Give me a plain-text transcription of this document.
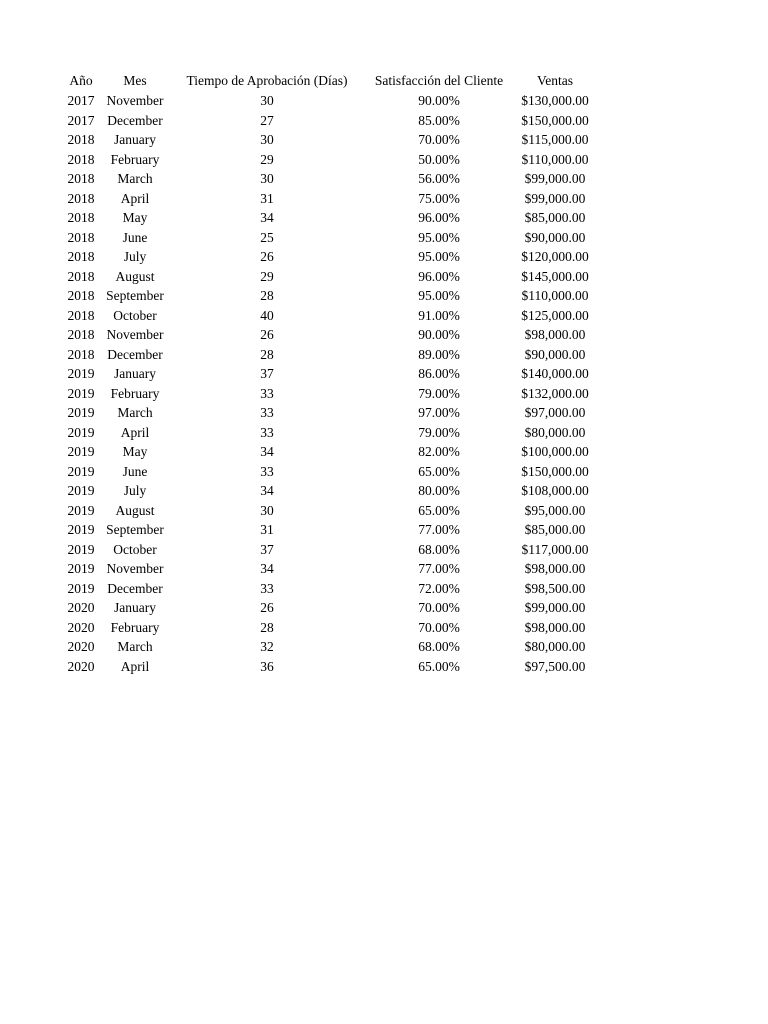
Año	Mes	Tiempo de Aprobación (Días)	Satisfacción del Cliente	Ventas
2017	November	30	90.00%	$130,000.00
2017	December	27	85.00%	$150,000.00
2018	January	30	70.00%	$115,000.00
2018	February	29	50.00%	$110,000.00
2018	March	30	56.00%	$99,000.00
2018	April	31	75.00%	$99,000.00
2018	May	34	96.00%	$85,000.00
2018	June	25	95.00%	$90,000.00
2018	July	26	95.00%	$120,000.00
2018	August	29	96.00%	$145,000.00
2018	September	28	95.00%	$110,000.00
2018	October	40	91.00%	$125,000.00
2018	November	26	90.00%	$98,000.00
2018	December	28	89.00%	$90,000.00
2019	January	37	86.00%	$140,000.00
2019	February	33	79.00%	$132,000.00
2019	March	33	97.00%	$97,000.00
2019	April	33	79.00%	$80,000.00
2019	May	34	82.00%	$100,000.00
2019	June	33	65.00%	$150,000.00
2019	July	34	80.00%	$108,000.00
2019	August	30	65.00%	$95,000.00
2019	September	31	77.00%	$85,000.00
2019	October	37	68.00%	$117,000.00
2019	November	34	77.00%	$98,000.00
2019	December	33	72.00%	$98,500.00
2020	January	26	70.00%	$99,000.00
2020	February	28	70.00%	$98,000.00
2020	March	32	68.00%	$80,000.00
2020	April	36	65.00%	$97,500.00
